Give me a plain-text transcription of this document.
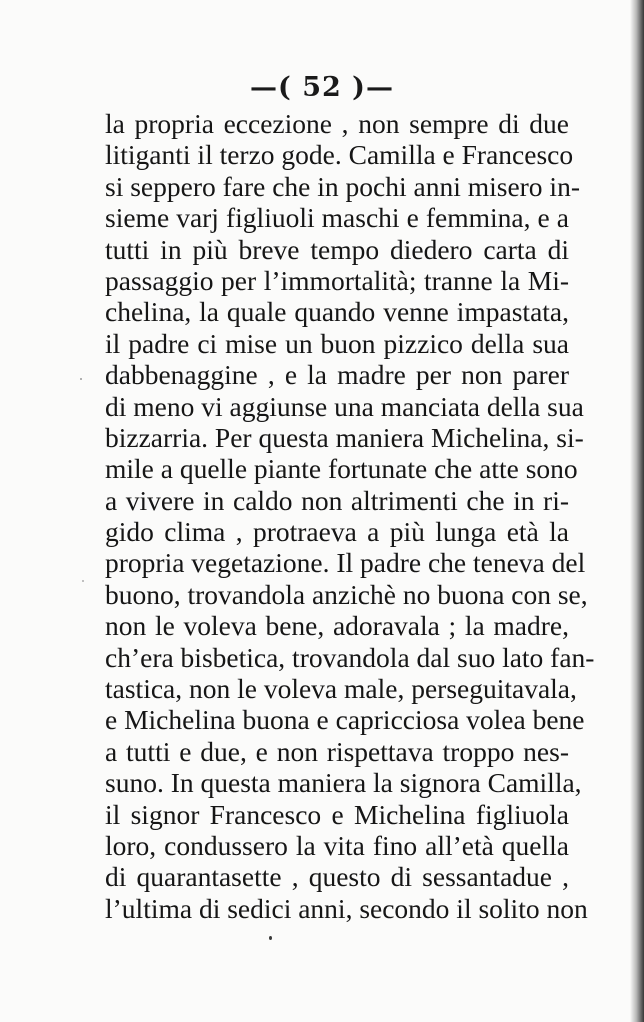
—( 52 )—
la propria eccezione , non sempre di due
litiganti il terzo gode. Camilla e Francesco
si seppero fare che in pochi anni misero in-
sieme varj figliuoli maschi e femmina, e a
tutti in più breve tempo diedero carta di
passaggio per l’immortalità; tranne la Mi-
chelina, la quale quando venne impastata,
il padre ci mise un buon pizzico della sua
dabbenaggine , e la madre per non parer
di meno vi aggiunse una manciata della sua
bizzarria. Per questa maniera Michelina, si-
mile a quelle piante fortunate che atte sono
a vivere in caldo non altrimenti che in ri-
gido clima , protraeva a più lunga età la
propria vegetazione. Il padre che teneva del
buono, trovandola anzichè no buona con se,
non le voleva bene, adoravala ; la madre,
ch’era bisbetica, trovandola dal suo lato fan-
tastica, non le voleva male, perseguitavala,
e Michelina buona e capricciosa volea bene
a tutti e due, e non rispettava troppo nes-
suno. In questa maniera la signora Camilla,
il signor Francesco e Michelina figliuola
loro, condussero la vita fino all’età quella
di quarantasette , questo di sessantadue ,
l’ultima di sedici anni, secondo il solito non
